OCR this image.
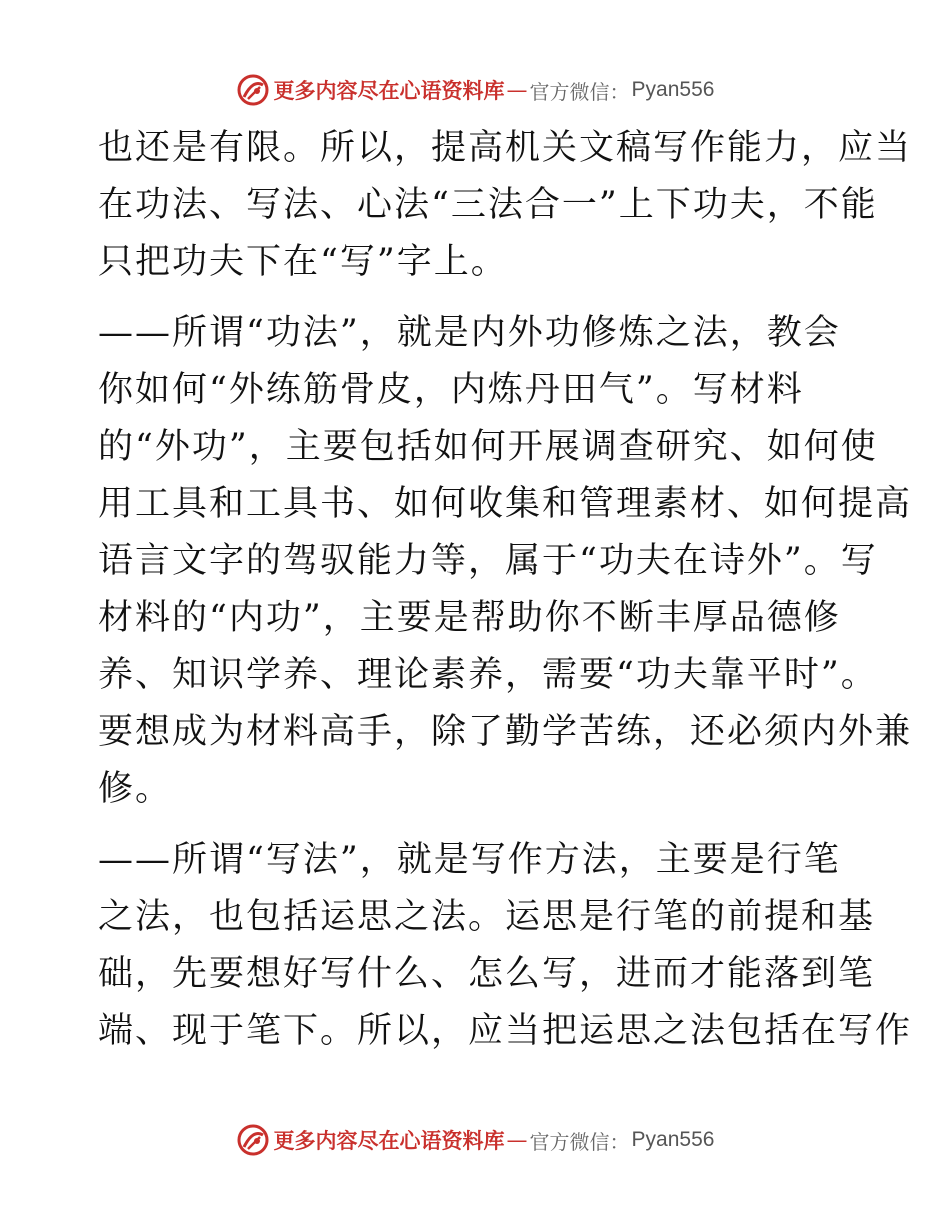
更多内容尽在心语资料库 — 官方微信： Pyan556
也还是有限。所以，提高机关文稿写作能力，应当
在功法、写法、心法“三法合一”上下功夫，不能
只把功夫下在“写”字上。
——所谓“功法”，就是内外功修炼之法，教会
你如何“外练筋骨皮，内炼丹田气”。写材料
的“外功”，主要包括如何开展调查研究、如何使
用工具和工具书、如何收集和管理素材、如何提高
语言文字的驾驭能力等，属于“功夫在诗外”。写
材料的“内功”，主要是帮助你不断丰厚品德修
养、知识学养、理论素养，需要“功夫靠平时”。
要想成为材料高手，除了勤学苦练，还必须内外兼
修。
——所谓“写法”，就是写作方法，主要是行笔
之法，也包括运思之法。运思是行笔的前提和基
础，先要想好写什么、怎么写，进而才能落到笔
端、现于笔下。所以，应当把运思之法包括在写作
更多内容尽在心语资料库 — 官方微信： Pyan556
